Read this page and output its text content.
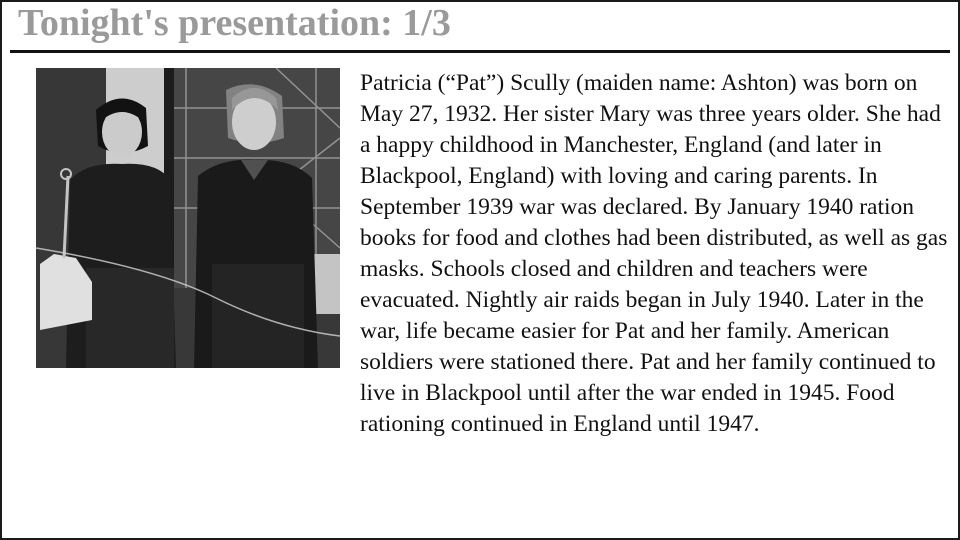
Tonight's presentation: 1/3

Patricia (“Pat”) Scully (maiden name: Ashton) was born on May 27, 1932. Her sister Mary was three years older. She had a happy childhood in Manchester, England (and later in Blackpool, England) with loving and caring parents. In September 1939 war was declared. By January 1940 ration books for food and clothes had been distributed, as well as gas masks. Schools closed and children and teachers were evacuated. Nightly air raids began in July 1940. Later in the war, life became easier for Pat and her family. American soldiers were stationed there. Pat and her family continued to live in Blackpool until after the war ended in 1945. Food rationing continued in England until 1947.
